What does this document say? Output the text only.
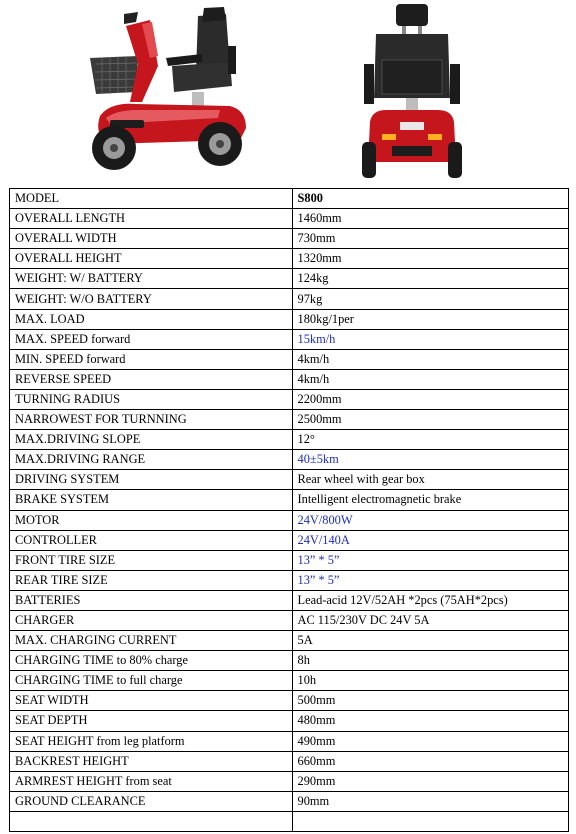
MODEL	S800
OVERALL LENGTH	1460mm
OVERALL WIDTH	730mm
OVERALL HEIGHT	1320mm
WEIGHT: W/ BATTERY	124kg
WEIGHT: W/O BATTERY	97kg
MAX. LOAD	180kg/1per
MAX. SPEED forward	15km/h
MIN. SPEED forward	4km/h
REVERSE SPEED	4km/h
TURNING RADIUS	2200mm
NARROWEST FOR TURNNING	2500mm
MAX.DRIVING SLOPE	12°
MAX.DRIVING RANGE	40±5km
DRIVING SYSTEM	Rear wheel with gear box
BRAKE SYSTEM	Intelligent electromagnetic brake
MOTOR	24V/800W
CONTROLLER	24V/140A
FRONT TIRE SIZE	13” * 5”
REAR TIRE SIZE	13” * 5”
BATTERIES	Lead-acid 12V/52AH *2pcs (75AH*2pcs)
CHARGER	AC 115/230V DC 24V 5A
MAX. CHARGING CURRENT	5A
CHARGING TIME to 80% charge	8h
CHARGING TIME to full charge	10h
SEAT WIDTH	500mm
SEAT DEPTH	480mm
SEAT HEIGHT from leg platform	490mm
BACKREST HEIGHT	660mm
ARMREST HEIGHT from seat	290mm
GROUND CLEARANCE	90mm
